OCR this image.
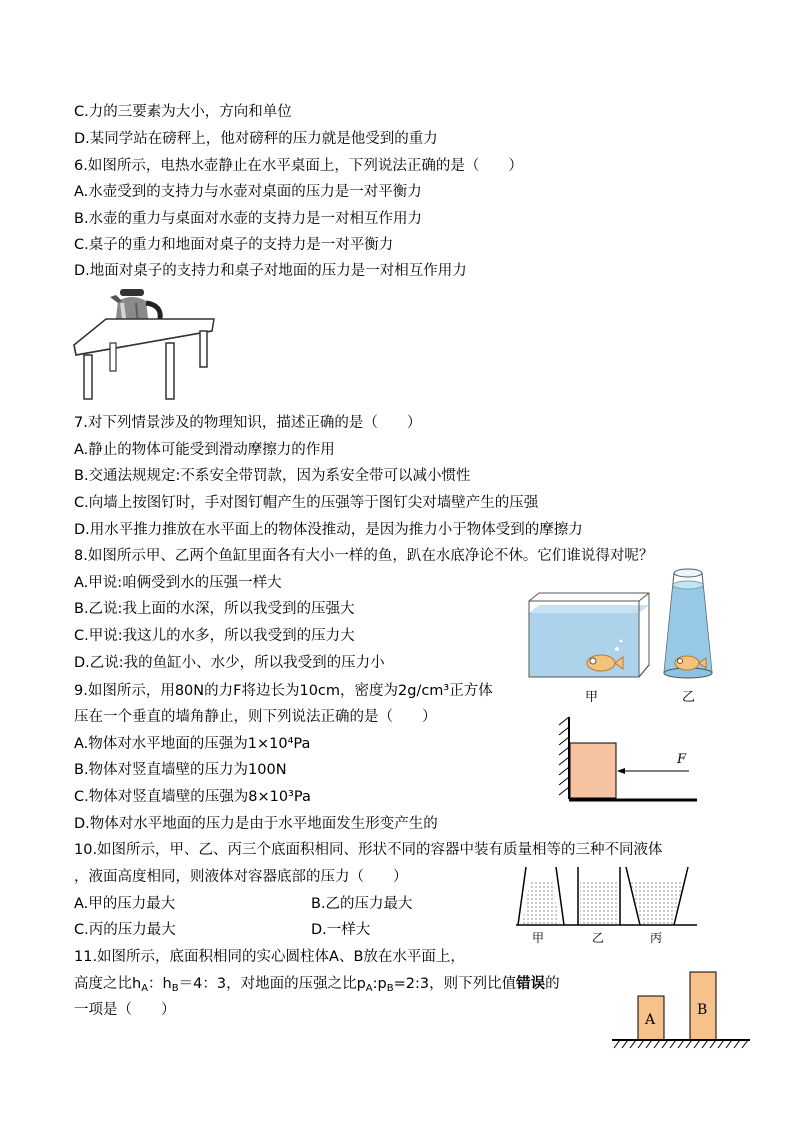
C.力的三要素为大小，方向和单位
D.某同学站在磅秤上，他对磅秤的压力就是他受到的重力
6.如图所示，电热水壶静止在水平桌面上，下列说法正确的是（　　）
A.水壶受到的支持力与水壶对桌面的压力是一对平衡力
B.水壶的重力与桌面对水壶的支持力是一对相互作用力
C.桌子的重力和地面对桌子的支持力是一对平衡力
D.地面对桌子的支持力和桌子对地面的压力是一对相互作用力
7.对下列情景涉及的物理知识，描述正确的是（　　）
A.静止的物体可能受到滑动摩擦力的作用
B.交通法规规定:不系安全带罚款，因为系安全带可以减小惯性
C.向墙上按图钉时，手对图钉帽产生的压强等于图钉尖对墙壁产生的压强
D.用水平推力推放在水平面上的物体没推动，是因为推力小于物体受到的摩擦力
8.如图所示甲、乙两个鱼缸里面各有大小一样的鱼，趴在水底净论不休。它们谁说得对呢？
A.甲说:咱俩受到水的压强一样大
B.乙说:我上面的水深，所以我受到的压强大
C.甲说:我这儿的水多，所以我受到的压力大
D.乙说:我的鱼缸小、水少，所以我受到的压力小
甲	乙
9.如图所示，用80N的力F将边长为10cm，密度为2g/cm³正方体
压在一个垂直的墙角静止，则下列说法正确的是（　　）
A.物体对水平地面的压强为1×10⁴Pa
B.物体对竖直墙壁的压力为100N
C.物体对竖直墙壁的压强为8×10³Pa
D.物体对水平地面的压力是由于水平地面发生形变产生的
F
10.如图所示，甲、乙、丙三个底面积相同、形状不同的容器中装有质量相等的三种不同液体
，液面高度相同，则液体对容器底部的压力（　　）
A.甲的压力最大	B.乙的压力最大
C.丙的压力最大	D.一样大	甲	乙	丙
11.如图所示，底面积相同的实心圆柱体A、B放在水平面上，
高度之比$h_A$：$h_B=4$：3，对地面的压强之比$p_A:p_B=2:3$，则下列比值错误的
一项是（　　）
A
B
